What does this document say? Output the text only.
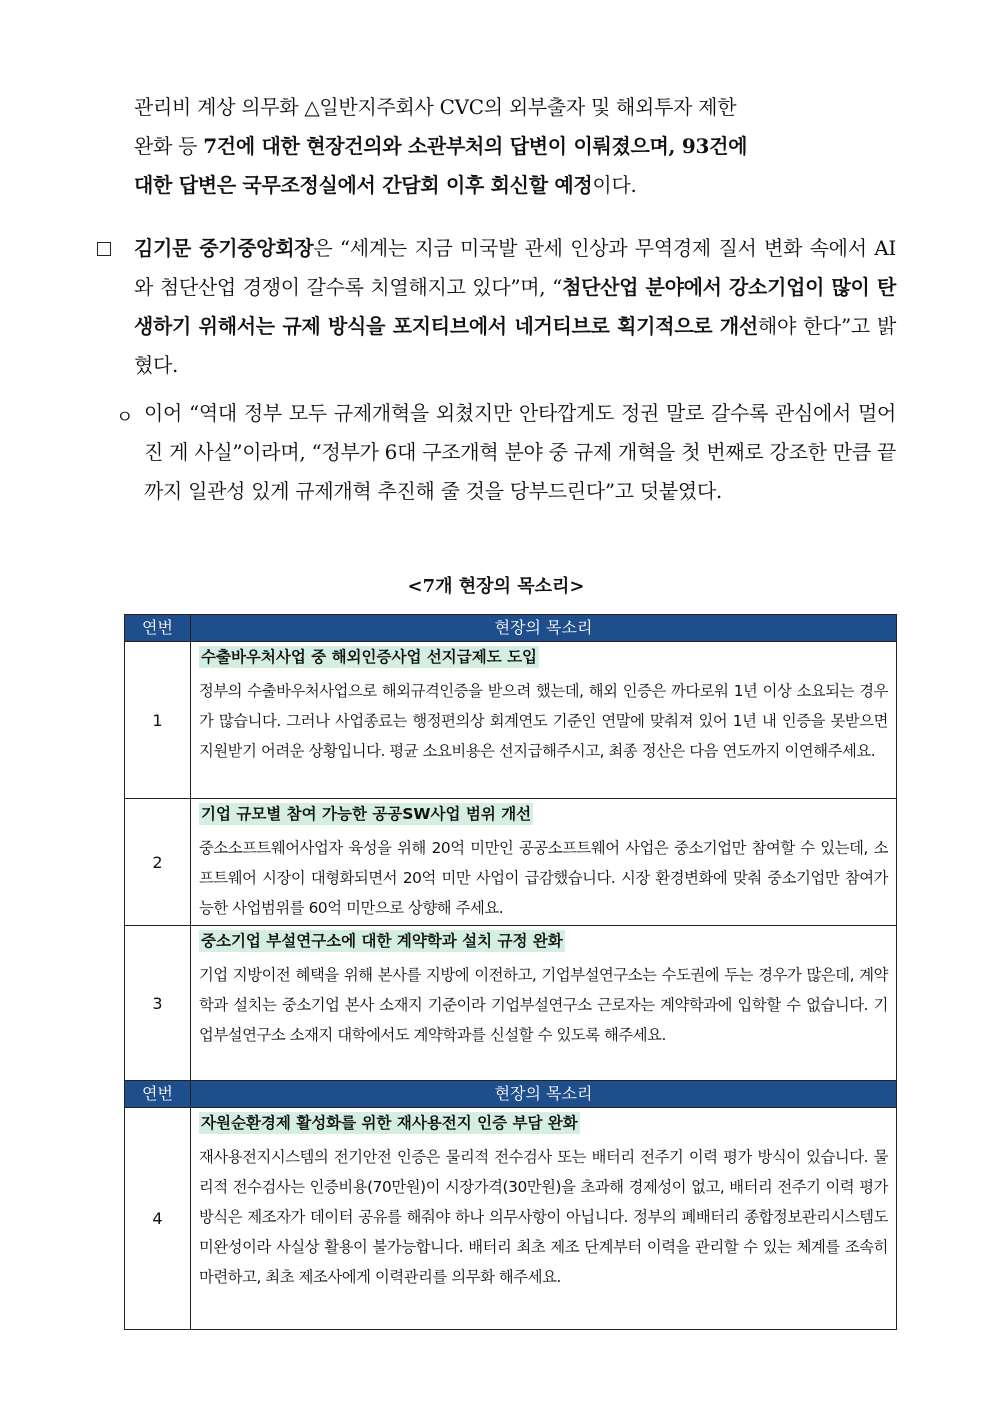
관리비 계상 의무화 △일반지주회사 CVC의 외부출자 및 해외투자 제한
완화 등 7건에 대한 현장건의와 소관부처의 답변이 이뤄졌으며, 93건에
대한 답변은 국무조정실에서 간담회 이후 회신할 예정이다.
김기문 중기중앙회장은 “세계는 지금 미국발 관세 인상과 무역경제 질서 변화 속에서 AI와 첨단산업 경쟁이 갈수록 치열해지고 있다”며, “첨단산업 분야에서 강소기업이 많이 탄생하기 위해서는 규제 방식을 포지티브에서 네거티브로 획기적으로 개선해야 한다”고 밝혔다.
ㅇ 이어 “역대 정부 모두 규제개혁을 외쳤지만 안타깝게도 정권 말로 갈수록 관심에서 멀어진 게 사실”이라며, “정부가 6대 구조개혁 분야 중 규제 개혁을 첫 번째로 강조한 만큼 끝까지 일관성 있게 규제개혁 추진해 줄 것을 당부드린다”고 덧붙였다.
<7개 현장의 목소리>
연번	현장의 목소리
1	수출바우처사업 중 해외인증사업 선지급제도 도입
정부의 수출바우처사업으로 해외규격인증을 받으려 했는데, 해외 인증은 까다로워 1년 이상 소요되는 경우가 많습니다. 그러나 사업종료는 행정편의상 회계연도 기준인 연말에 맞춰져 있어 1년 내 인증을 못받으면 지원받기 어려운 상황입니다. 평균 소요비용은 선지급해주시고, 최종 정산은 다음 연도까지 이연해주세요.

2	기업 규모별 참여 가능한 공공SW사업 범위 개선
중소소프트웨어사업자 육성을 위해 20억 미만인 공공소프트웨어 사업은 중소기업만 참여할 수 있는데, 소프트웨어 시장이 대형화되면서 20억 미만 사업이 급감했습니다. 시장 환경변화에 맞춰 중소기업만 참여가능한 사업범위를 60억 미만으로 상향해 주세요.

3	중소기업 부설연구소에 대한 계약학과 설치 규정 완화
기업 지방이전 혜택을 위해 본사를 지방에 이전하고, 기업부설연구소는 수도권에 두는 경우가 많은데, 계약학과 설치는 중소기업 본사 소재지 기준이라 기업부설연구소 근로자는 계약학과에 입학할 수 없습니다. 기업부설연구소 소재지 대학에서도 계약학과를 신설할 수 있도록 해주세요.

연번	현장의 목소리
4	자원순환경제 활성화를 위한 재사용전지 인증 부담 완화
재사용전지시스템의 전기안전 인증은 물리적 전수검사 또는 배터리 전주기 이력 평가 방식이 있습니다. 물리적 전수검사는 인증비용(70만원)이 시장가격(30만원)을 초과해 경제성이 없고, 배터리 전주기 이력 평가 방식은 제조자가 데이터 공유를 해줘야 하나 의무사항이 아닙니다. 정부의 폐배터리 종합정보관리시스템도 미완성이라 사실상 활용이 불가능합니다. 배터리 최초 제조 단계부터 이력을 관리할 수 있는 체계를 조속히 마련하고, 최초 제조사에게 이력관리를 의무화 해주세요.
